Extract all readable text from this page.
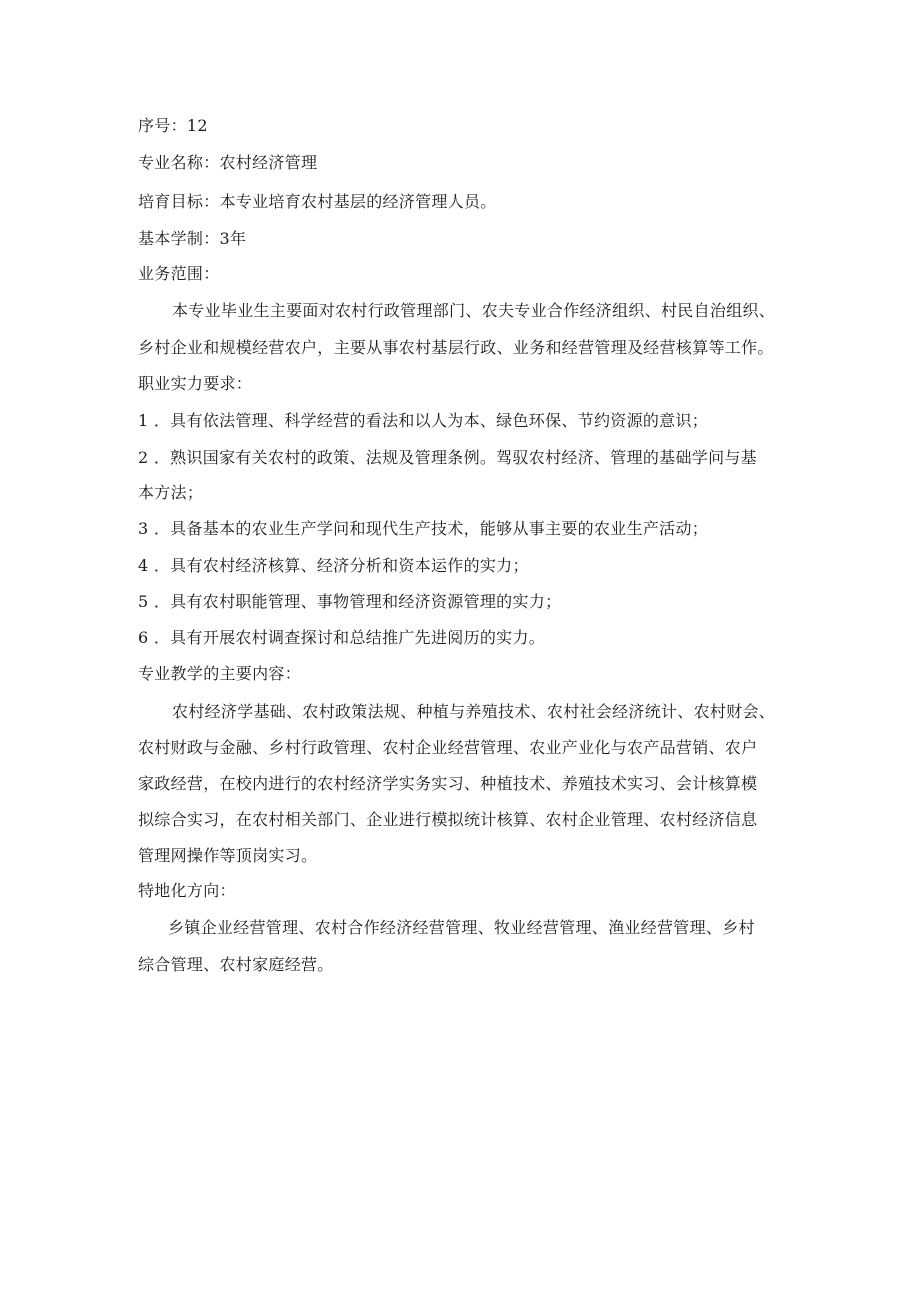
序号：12
专业名称：农村经济管理
培育目标：本专业培育农村基层的经济管理人员。
基本学制：3年
业务范围：
本专业毕业生主要面对农村行政管理部门、农夫专业合作经济组织、村民自治组织、
乡村企业和规模经营农户，主要从事农村基层行政、业务和经营管理及经营核算等工作。
职业实力要求：
1 ．具有依法管理、科学经营的看法和以人为本、绿色环保、节约资源的意识；
2 ．熟识国家有关农村的政策、法规及管理条例。驾驭农村经济、管理的基础学问与基
本方法；
3 ．具备基本的农业生产学问和现代生产技术，能够从事主要的农业生产活动；
4 ．具有农村经济核算、经济分析和资本运作的实力；
5 ．具有农村职能管理、事物管理和经济资源管理的实力；
6 ．具有开展农村调查探讨和总结推广先进阅历的实力。
专业教学的主要内容：
农村经济学基础、农村政策法规、种植与养殖技术、农村社会经济统计、农村财会、
农村财政与金融、乡村行政管理、农村企业经营管理、农业产业化与农产品营销、农户
家政经营，在校内进行的农村经济学实务实习、种植技术、养殖技术实习、会计核算模
拟综合实习，在农村相关部门、企业进行模拟统计核算、农村企业管理、农村经济信息
管理网操作等顶岗实习。
特地化方向：
乡镇企业经营管理、农村合作经济经营管理、牧业经营管理、渔业经营管理、乡村
综合管理、农村家庭经营。
